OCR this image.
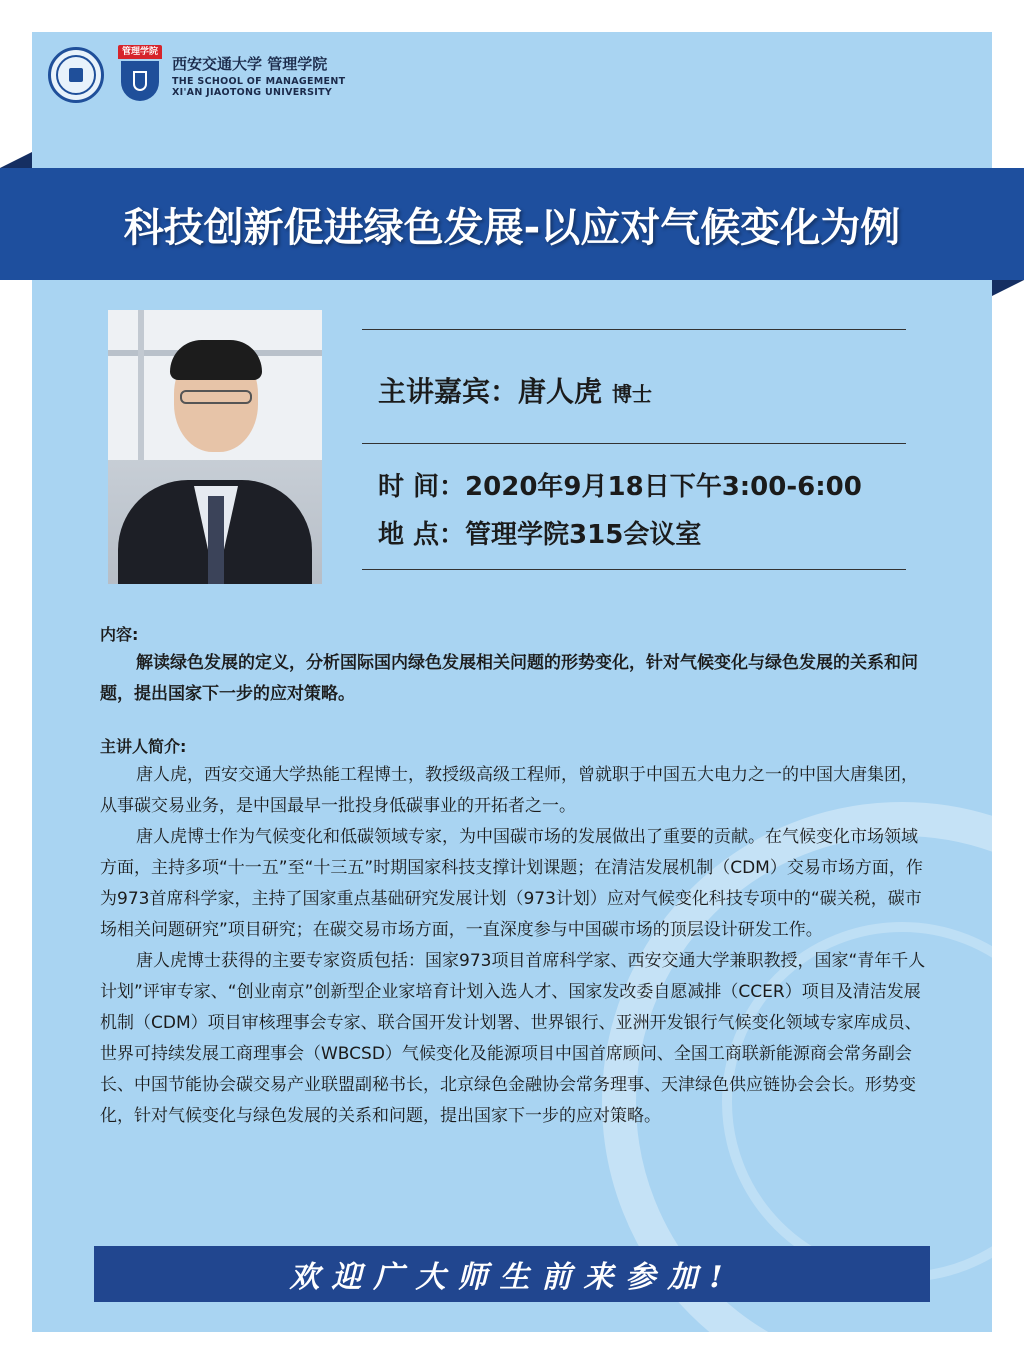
管理学院
西安交通大学 管理学院
THE SCHOOL OF MANAGEMENT
XI'AN JIAOTONG UNIVERSITY
科技创新促进绿色发展-以应对气候变化为例
主讲嘉宾：唐人虎 博士
时 间：2020年9月18日下午3:00-6:00
地 点：管理学院315会议室
内容:

解读绿色发展的定义，分析国际国内绿色发展相关问题的形势变化，针对气候变化与绿色发展的关系和问题，提出国家下一步的应对策略。

主讲人简介:

唐人虎，西安交通大学热能工程博士，教授级高级工程师，曾就职于中国五大电力之一的中国大唐集团，从事碳交易业务，是中国最早一批投身低碳事业的开拓者之一。

唐人虎博士作为气候变化和低碳领域专家，为中国碳市场的发展做出了重要的贡献。在气候变化市场领域方面，主持多项“十一五”至“十三五”时期国家科技支撑计划课题；在清洁发展机制（CDM）交易市场方面，作为973首席科学家，主持了国家重点基础研究发展计划（973计划）应对气候变化科技专项中的“碳关税，碳市场相关问题研究”项目研究；在碳交易市场方面，一直深度参与中国碳市场的顶层设计研发工作。

唐人虎博士获得的主要专家资质包括：国家973项目首席科学家、西安交通大学兼职教授，国家“青年千人计划”评审专家、“创业南京”创新型企业家培育计划入选人才、国家发改委自愿减排（CCER）项目及清洁发展机制（CDM）项目审核理事会专家、联合国开发计划署、世界银行、亚洲开发银行气候变化领域专家库成员、世界可持续发展工商理事会（WBCSD）气候变化及能源项目中国首席顾问、全国工商联新能源商会常务副会长、中国节能协会碳交易产业联盟副秘书长，北京绿色金融协会常务理事、天津绿色供应链协会会长。形势变化，针对气候变化与绿色发展的关系和问题，提出国家下一步的应对策略。

欢迎广大师生前来参加!
